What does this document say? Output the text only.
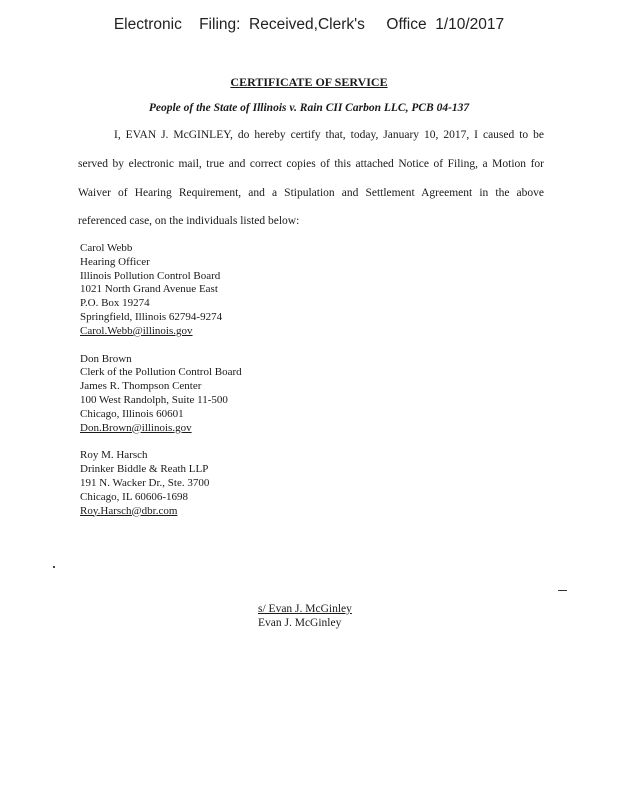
Electronic    Filing:  Received,Clerk's     Office  1/10/2017
CERTIFICATE OF SERVICE
People of the State of Illinois v. Rain CII Carbon LLC, PCB 04-137
I, EVAN J. McGINLEY, do hereby certify that, today, January 10, 2017, I caused to be
served by electronic mail, true and correct copies of this attached Notice of Filing, a Motion for
Waiver of Hearing Requirement, and a Stipulation and Settlement Agreement in the above
referenced case, on the individuals listed below:
Carol Webb
Hearing Officer
Illinois Pollution Control Board
1021 North Grand Avenue East
P.O. Box 19274
Springfield, Illinois 62794-9274
Carol.Webb@illinois.gov
Don Brown
Clerk of the Pollution Control Board
James R. Thompson Center
100 West Randolph, Suite 11-500
Chicago, Illinois 60601
Don.Brown@illinois.gov
Roy M. Harsch
Drinker Biddle & Reath LLP
191 N. Wacker Dr., Ste. 3700
Chicago, IL 60606-1698
Roy.Harsch@dbr.com
s/ Evan J. McGinley
Evan J. McGinley
